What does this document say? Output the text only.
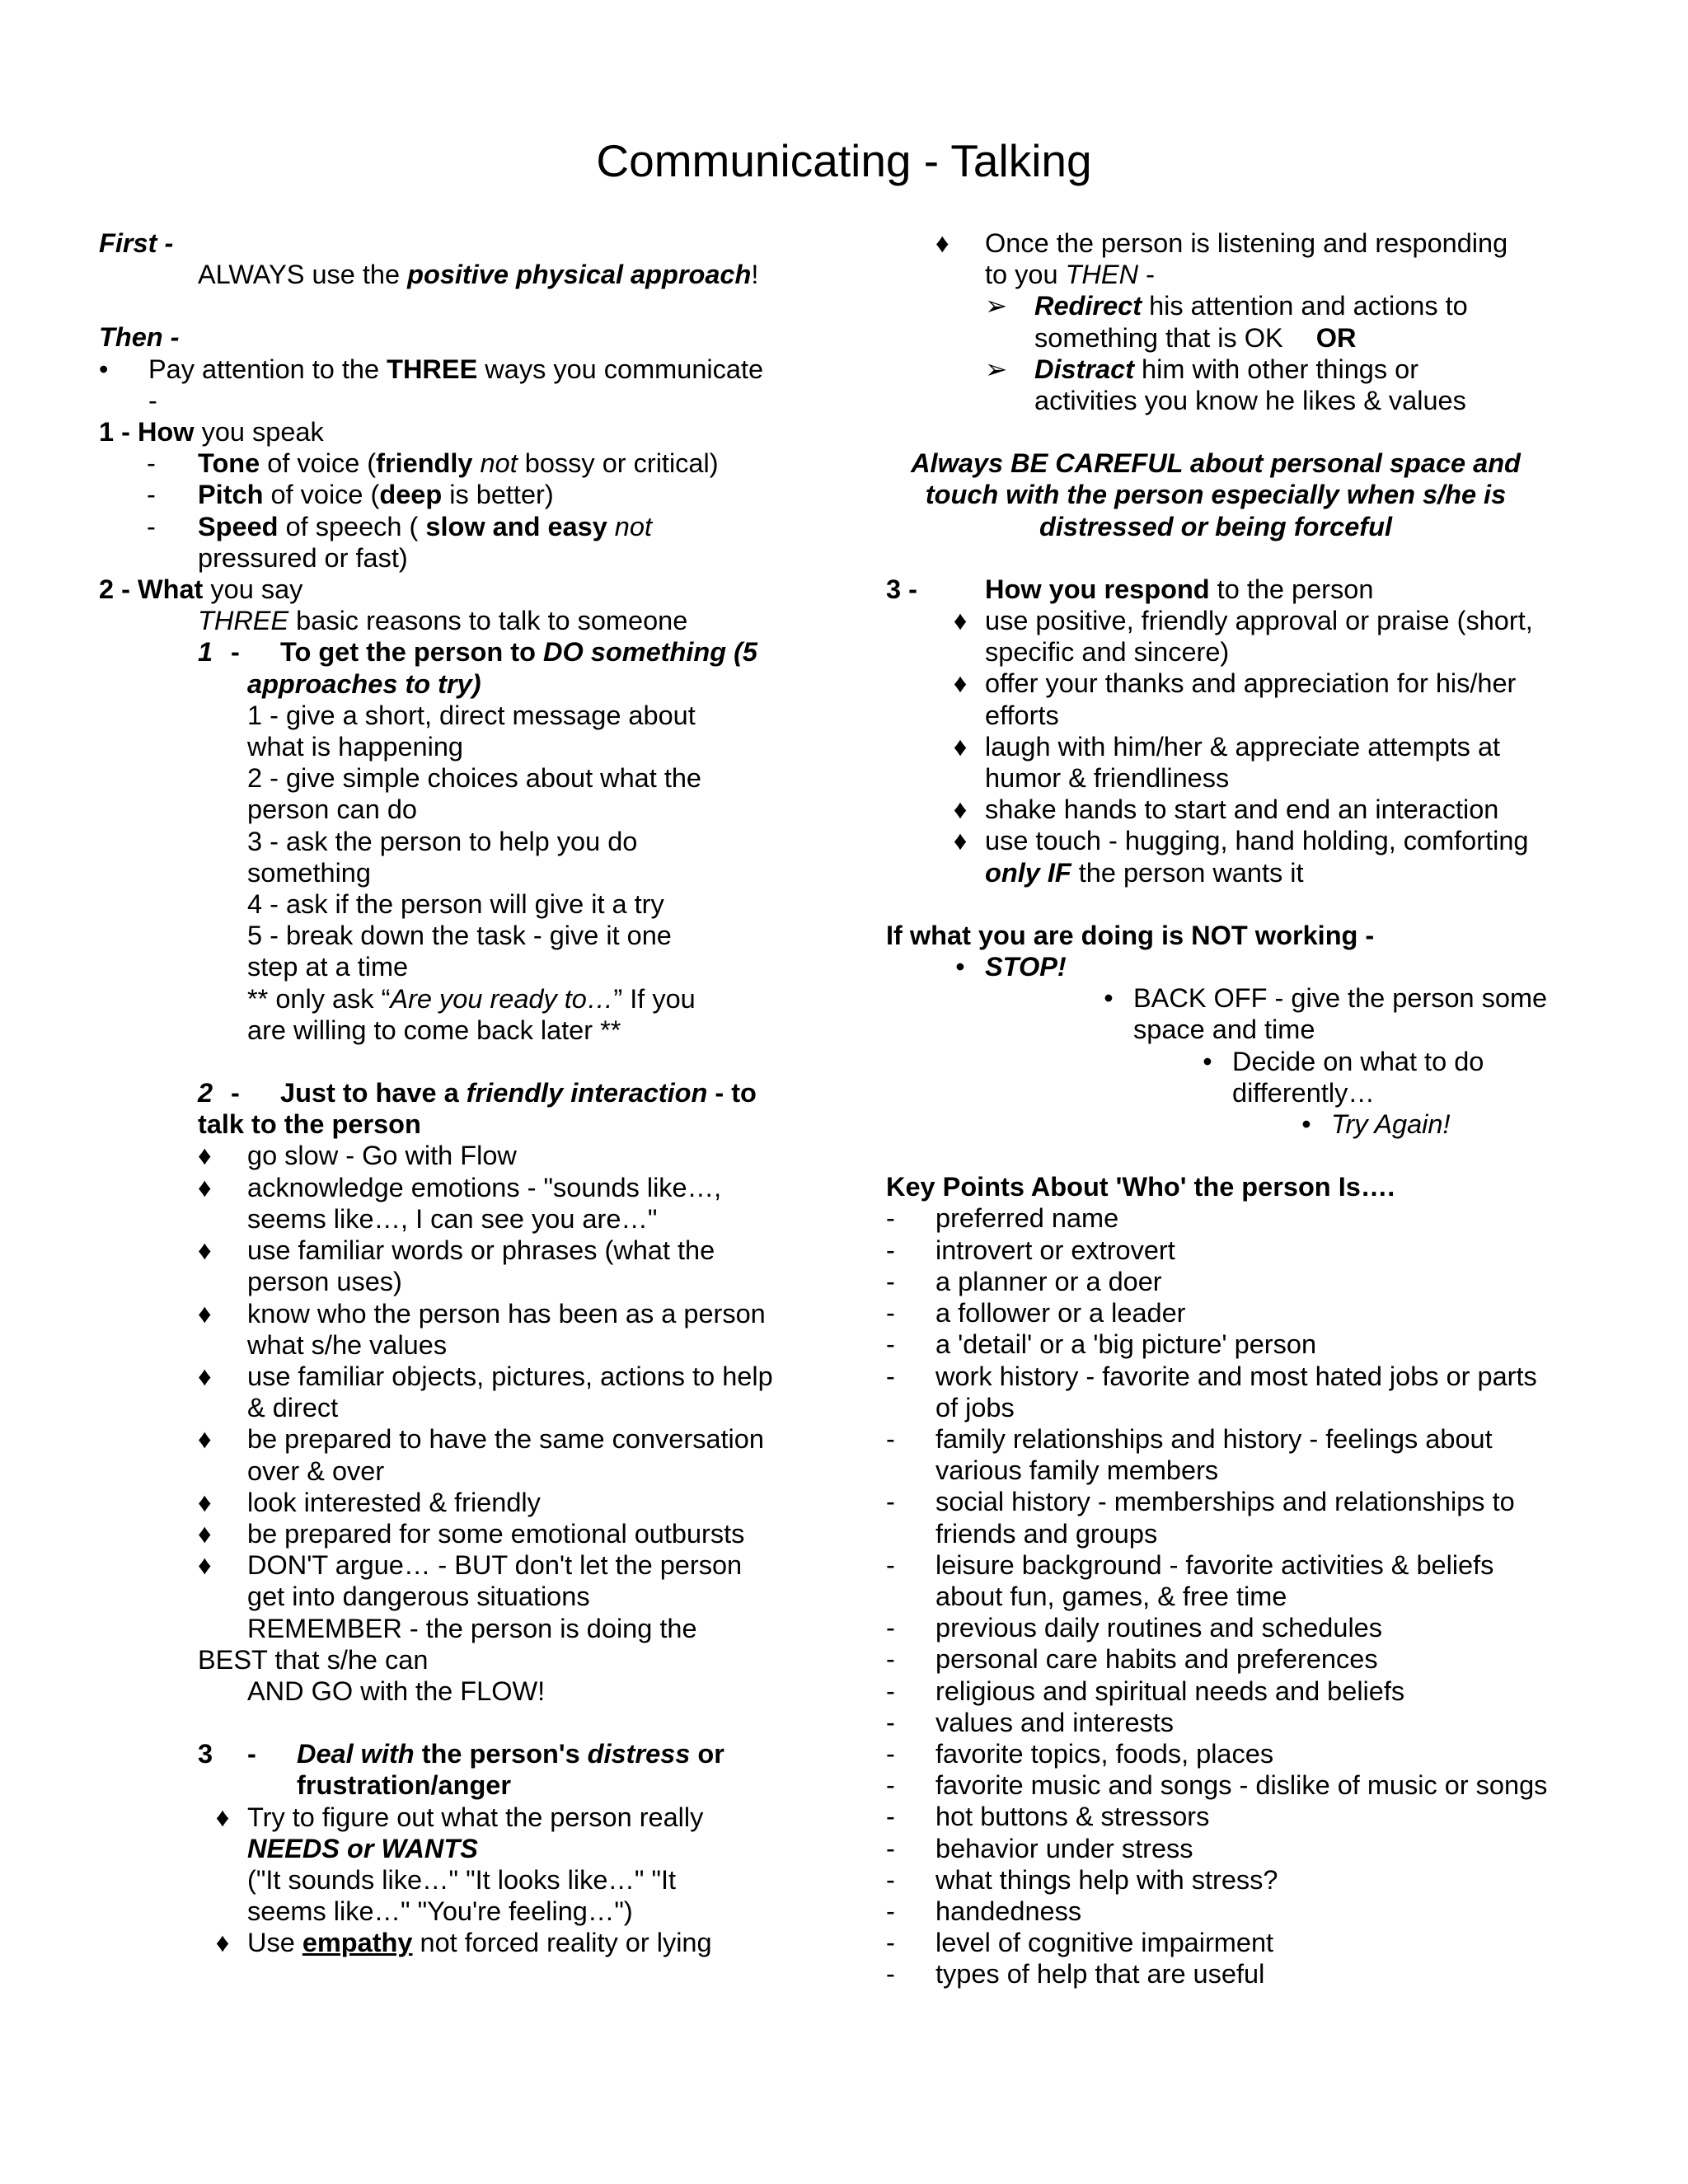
Communicating - Talking
First -
ALWAYS use the positive physical approach!
Then -
•	Pay attention to the THREE ways you communicate
-
1 - How you speak
-	Tone of voice (friendly not bossy or critical)
-	Pitch of voice (deep is better)
-	Speed of speech ( slow and easy not
pressured or fast)
2 - What you say
THREE basic reasons to talk to someone
1 -	To get the person to DO something (5
approaches to try)
1 - give a short, direct message about
what is happening
2 - give simple choices about what the
person can do
3 - ask the person to help you do
something
4 - ask if the person will give it a try
5 - break down the task - give it one
step at a time
** only ask “Are you ready to…” If you
are willing to come back later **
2 - Just to have a friendly interaction - to
talk to the person
♦	go slow - Go with Flow
♦	acknowledge emotions - "sounds like…,
seems like…, I can see you are…"
♦	use familiar words or phrases (what the
person uses)
♦	know who the person has been as a person
what s/he values
♦	use familiar objects, pictures, actions to help
& direct
♦	be prepared to have the same conversation
over & over
♦	look interested & friendly
♦	be prepared for some emotional outbursts
♦	DON'T argue… - BUT don't let the person
get into dangerous situations
REMEMBER - the person is doing the
BEST that s/he can
AND GO with the FLOW!
3	-	Deal with the person's distress or
frustration/anger
♦ Try to figure out what the person really
NEEDS or WANTS
("It sounds like…" "It looks like…" "It
seems like…" "You're feeling…")
♦ Use empathy not forced reality or lying
♦	Once the person is listening and responding
to you THEN -
➢	Redirect his attention and actions to
something that is OK OR
➢	Distract him with other things or
activities you know he likes & values
Always BE CAREFUL about personal space and
touch with the person especially when s/he is
distressed or being forceful
3 -	How you respond to the person
♦ use positive, friendly approval or praise (short,
specific and sincere)
♦ offer your thanks and appreciation for his/her
efforts
♦ laugh with him/her & appreciate attempts at
humor & friendliness
♦ shake hands to start and end an interaction
♦ use touch - hugging, hand holding, comforting
only IF the person wants it
If what you are doing is NOT working -
• STOP!
• BACK OFF - give the person some
space and time
• Decide on what to do
differently…
• Try Again!
Key Points About 'Who' the person Is….
-	preferred name
-	introvert or extrovert
-	a planner or a doer
-	a follower or a leader
-	a 'detail' or a 'big picture' person
-	work history - favorite and most hated jobs or parts
of jobs
-	family relationships and history - feelings about
various family members
-	social history - memberships and relationships to
friends and groups
-	leisure background - favorite activities & beliefs
about fun, games, & free time
-	previous daily routines and schedules
-	personal care habits and preferences
-	religious and spiritual needs and beliefs
-	values and interests
-	favorite topics, foods, places
-	favorite music and songs - dislike of music or songs
-	hot buttons & stressors
-	behavior under stress
-	what things help with stress?
-	handedness
-	level of cognitive impairment
-	types of help that are useful
